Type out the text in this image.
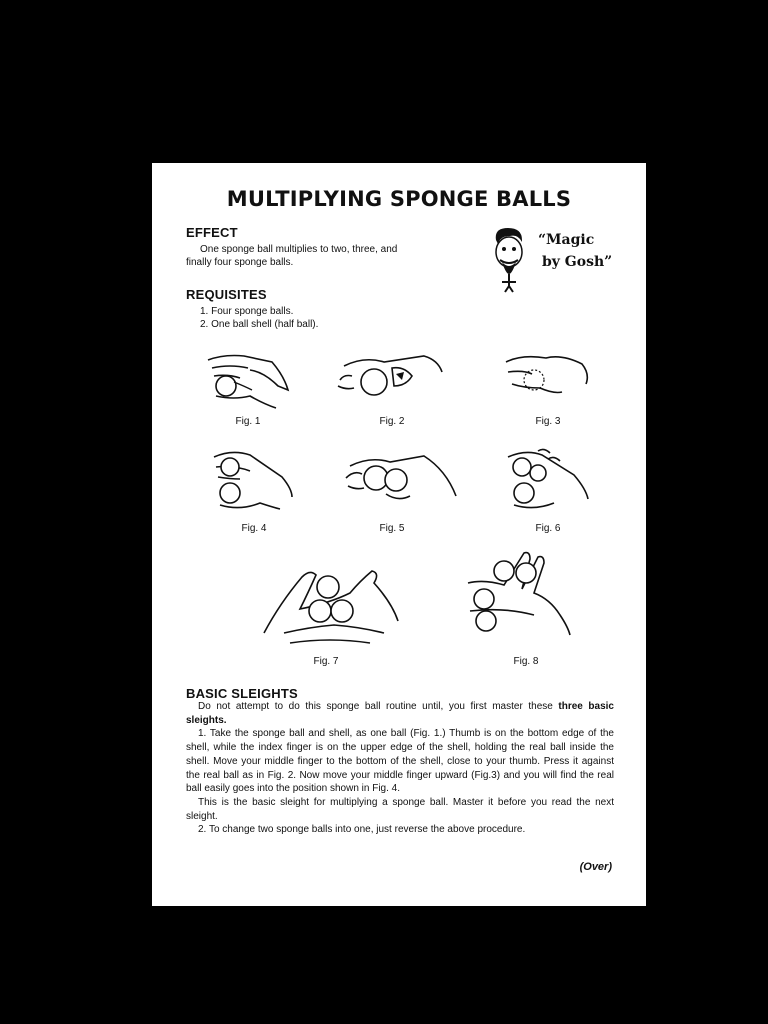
MULTIPLYING SPONGE BALLS
EFFECT
One sponge ball multiplies to two, three, and
finally four sponge balls.
“Magic
by Gosh”
REQUISITES
1. Four sponge balls.
2. One ball shell (half ball).
Fig. 1	Fig. 2	Fig. 3
Fig. 4	Fig. 5	Fig. 6
Fig. 7	Fig. 8
BASIC SLEIGHTS

Do not attempt to do this sponge ball routine until, you first master these three basic sleights.

1. Take the sponge ball and shell, as one ball (Fig. 1.) Thumb is on the bottom edge of the shell, while the index finger is on the upper edge of the shell, holding the real ball inside the shell. Move your middle finger to the bottom of the shell, close to your thumb. Press it against the real ball as in Fig. 2. Now move your middle finger upward (Fig.3) and you will find the real ball easily goes into the position shown in Fig. 4.

This is the basic sleight for multiplying a sponge ball. Master it before you read the next sleight.

2. To change two sponge balls into one, just reverse the above procedure.

(Over)
